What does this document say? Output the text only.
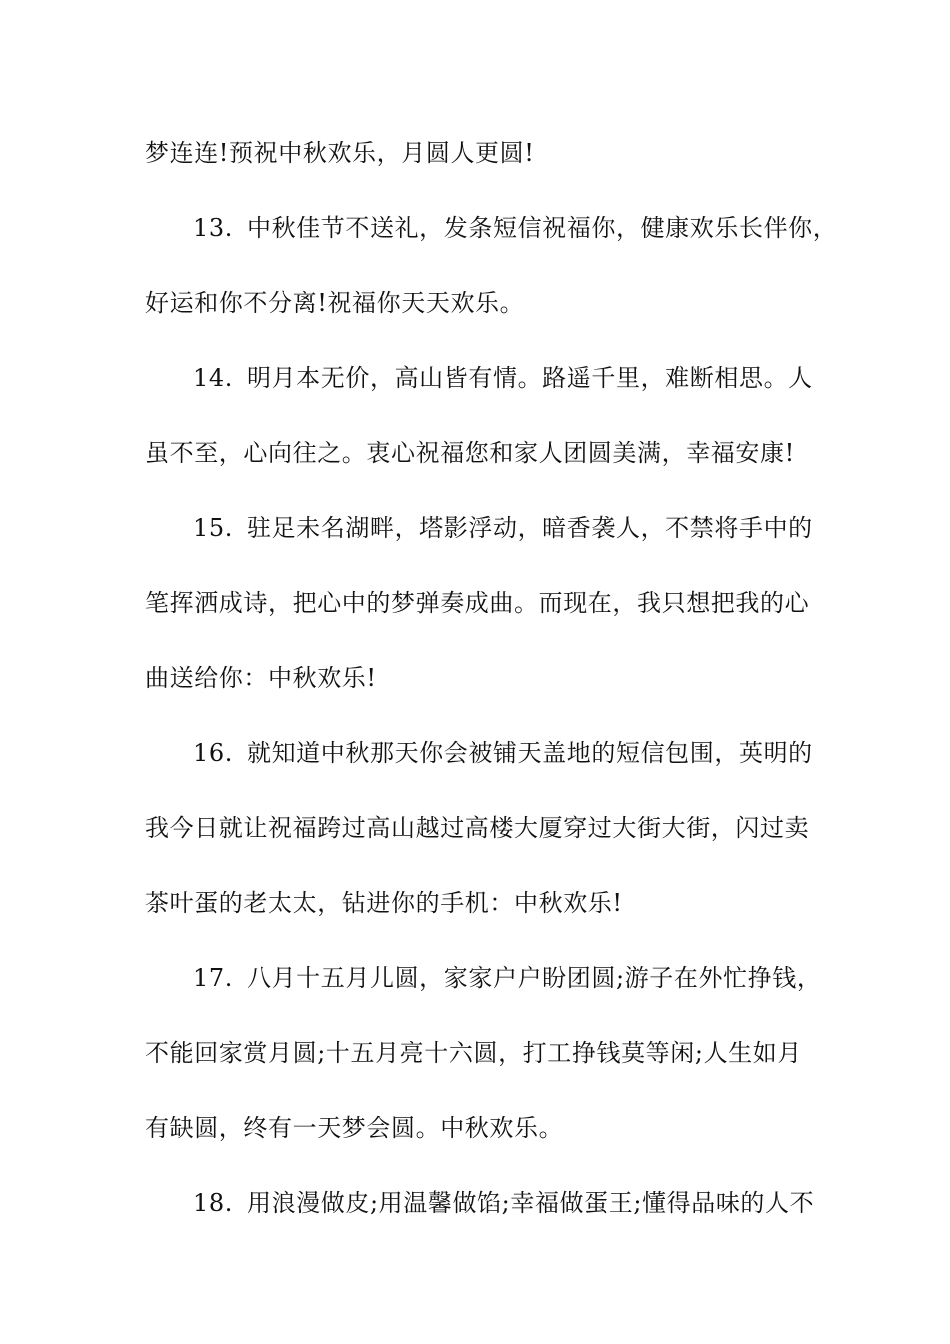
梦连连!预祝中秋欢乐，月圆人更圆!
13. 中秋佳节不送礼，发条短信祝福你，健康欢乐长伴你，
好运和你不分离!祝福你天天欢乐。
14. 明月本无价，高山皆有情。路遥千里，难断相思。人
虽不至，心向往之。衷心祝福您和家人团圆美满，幸福安康!
15. 驻足未名湖畔，塔影浮动，暗香袭人，不禁将手中的
笔挥洒成诗，把心中的梦弹奏成曲。而现在，我只想把我的心
曲送给你：中秋欢乐!
16. 就知道中秋那天你会被铺天盖地的短信包围，英明的
我今日就让祝福跨过高山越过高楼大厦穿过大街大街，闪过卖
茶叶蛋的老太太，钻进你的手机：中秋欢乐!
17. 八月十五月儿圆，家家户户盼团圆;游子在外忙挣钱，
不能回家赏月圆;十五月亮十六圆，打工挣钱莫等闲;人生如月
有缺圆，终有一天梦会圆。中秋欢乐。
18. 用浪漫做皮;用温馨做馅;幸福做蛋王;懂得品味的人不
